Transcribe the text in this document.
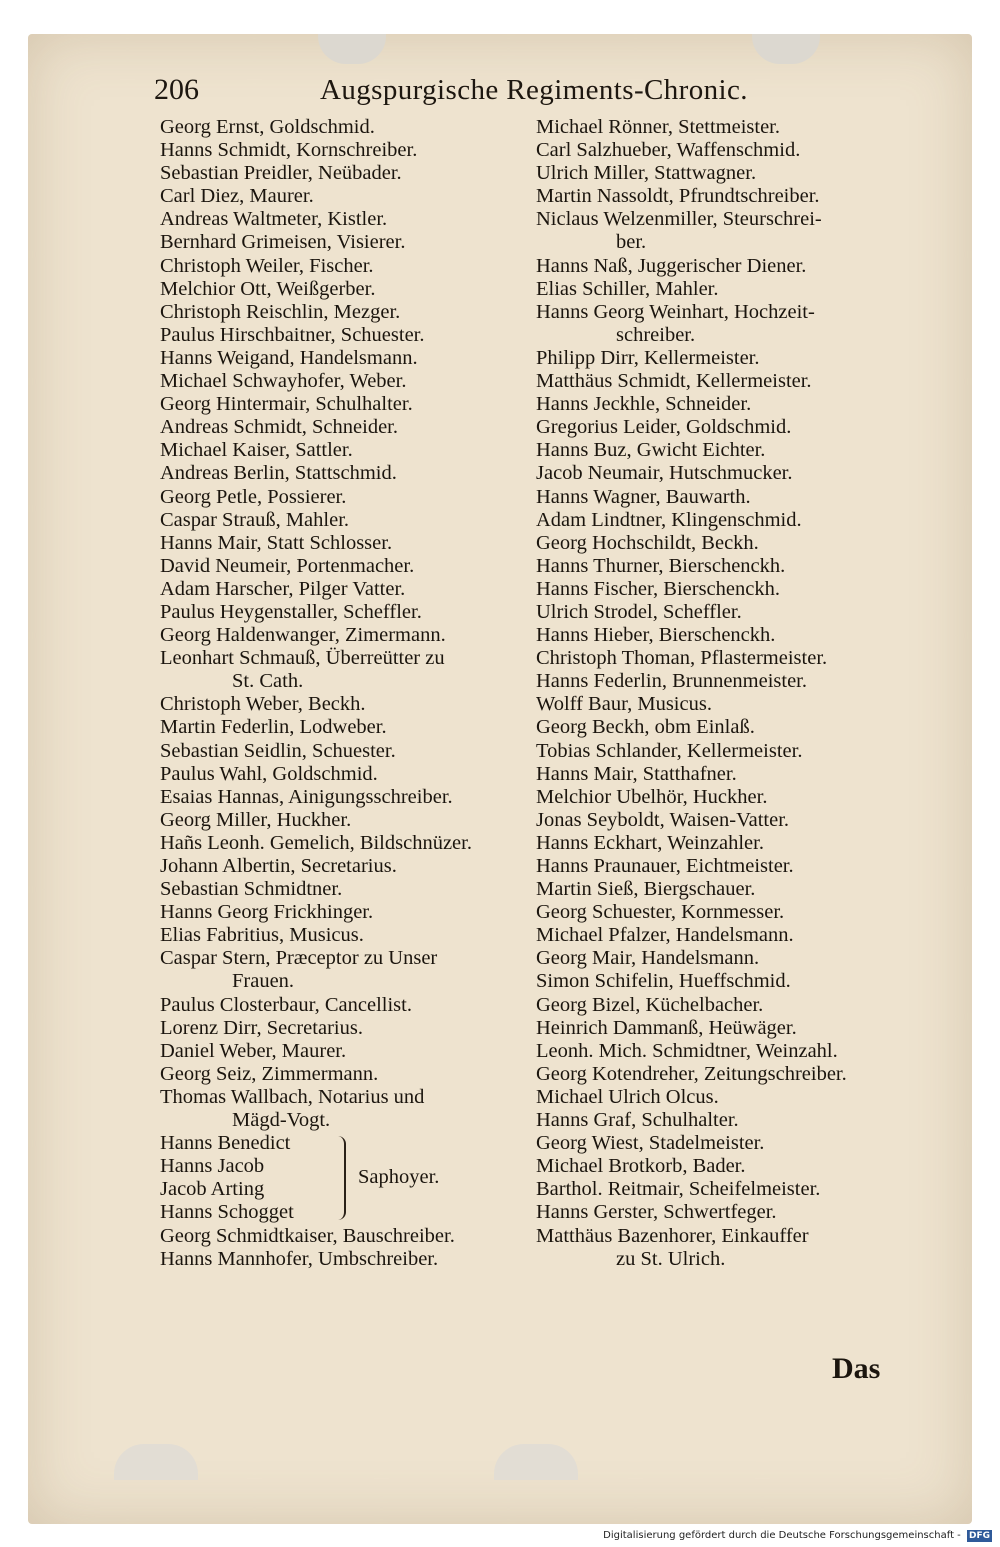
206	Augspurgische Regiments-Chronic.
Georg Ernst, Goldschmid.
Hanns Schmidt, Kornschreiber.
Sebastian Preidler, Neübader.
Carl Diez, Maurer.
Andreas Waltmeter, Kistler.
Bernhard Grimeisen, Visierer.
Christoph Weiler, Fischer.
Melchior Ott, Weißgerber.
Christoph Reischlin, Mezger.
Paulus Hirschbaitner, Schuester.
Hanns Weigand, Handelsmann.
Michael Schwayhofer, Weber.
Georg Hintermair, Schulhalter.
Andreas Schmidt, Schneider.
Michael Kaiser, Sattler.
Andreas Berlin, Stattschmid.
Georg Petle, Possierer.
Caspar Strauß, Mahler.
Hanns Mair, Statt Schlosser.
David Neumeir, Portenmacher.
Adam Harscher, Pilger Vatter.
Paulus Heygenstaller, Scheffler.
Georg Haldenwanger, Zimermann.
Leonhart Schmauß, Überreütter zu
St. Cath.
Christoph Weber, Beckh.
Martin Federlin, Lodweber.
Sebastian Seidlin, Schuester.
Paulus Wahl, Goldschmid.
Esaias Hannas, Ainigungsschreiber.
Georg Miller, Huckher.
Hañs Leonh. Gemelich, Bildschnüzer.
Johann Albertin, Secretarius.
Sebastian Schmidtner.
Hanns Georg Frickhinger.
Elias Fabritius, Musicus.
Caspar Stern, Præceptor zu Unser
Frauen.
Paulus Closterbaur, Cancellist.
Lorenz Dirr, Secretarius.
Daniel Weber, Maurer.
Georg Seiz, Zimmermann.
Thomas Wallbach, Notarius und
Mägd-Vogt.
Hanns Benedict
Hanns Jacob
Jacob Arting
Hanns Schogget
Saphoyer.
Georg Schmidtkaiser, Bauschreiber.
Hanns Mannhofer, Umbschreiber.
Michael Rönner, Stettmeister.
Carl Salzhueber, Waffenschmid.
Ulrich Miller, Stattwagner.
Martin Nassoldt, Pfrundtschreiber.
Niclaus Welzenmiller, Steurschrei-
ber.
Hanns Naß, Juggerischer Diener.
Elias Schiller, Mahler.
Hanns Georg Weinhart, Hochzeit-
schreiber.
Philipp Dirr, Kellermeister.
Matthäus Schmidt, Kellermeister.
Hanns Jeckhle, Schneider.
Gregorius Leider, Goldschmid.
Hanns Buz, Gwicht Eichter.
Jacob Neumair, Hutschmucker.
Hanns Wagner, Bauwarth.
Adam Lindtner, Klingenschmid.
Georg Hochschildt, Beckh.
Hanns Thurner, Bierschenckh.
Hanns Fischer, Bierschenckh.
Ulrich Strodel, Scheffler.
Hanns Hieber, Bierschenckh.
Christoph Thoman, Pflastermeister.
Hanns Federlin, Brunnenmeister.
Wolff Baur, Musicus.
Georg Beckh, obm Einlaß.
Tobias Schlander, Kellermeister.
Hanns Mair, Statthafner.
Melchior Ubelhör, Huckher.
Jonas Seyboldt, Waisen-Vatter.
Hanns Eckhart, Weinzahler.
Hanns Praunauer, Eichtmeister.
Martin Sieß, Biergschauer.
Georg Schuester, Kornmesser.
Michael Pfalzer, Handelsmann.
Georg Mair, Handelsmann.
Simon Schifelin, Hueffschmid.
Georg Bizel, Küchelbacher.
Heinrich Dammanß, Heüwäger.
Leonh. Mich. Schmidtner, Weinzahl.
Georg Kotendreher, Zeitungschreiber.
Michael Ulrich Olcus.
Hanns Graf, Schulhalter.
Georg Wiest, Stadelmeister.
Michael Brotkorb, Bader.
Barthol. Reitmair, Scheifelmeister.
Hanns Gerster, Schwertfeger.
Matthäus Bazenhorer, Einkauffer
zu St. Ulrich.
Das
Digitalisierung gefördert durch die Deutsche Forschungsgemeinschaft - DFG
